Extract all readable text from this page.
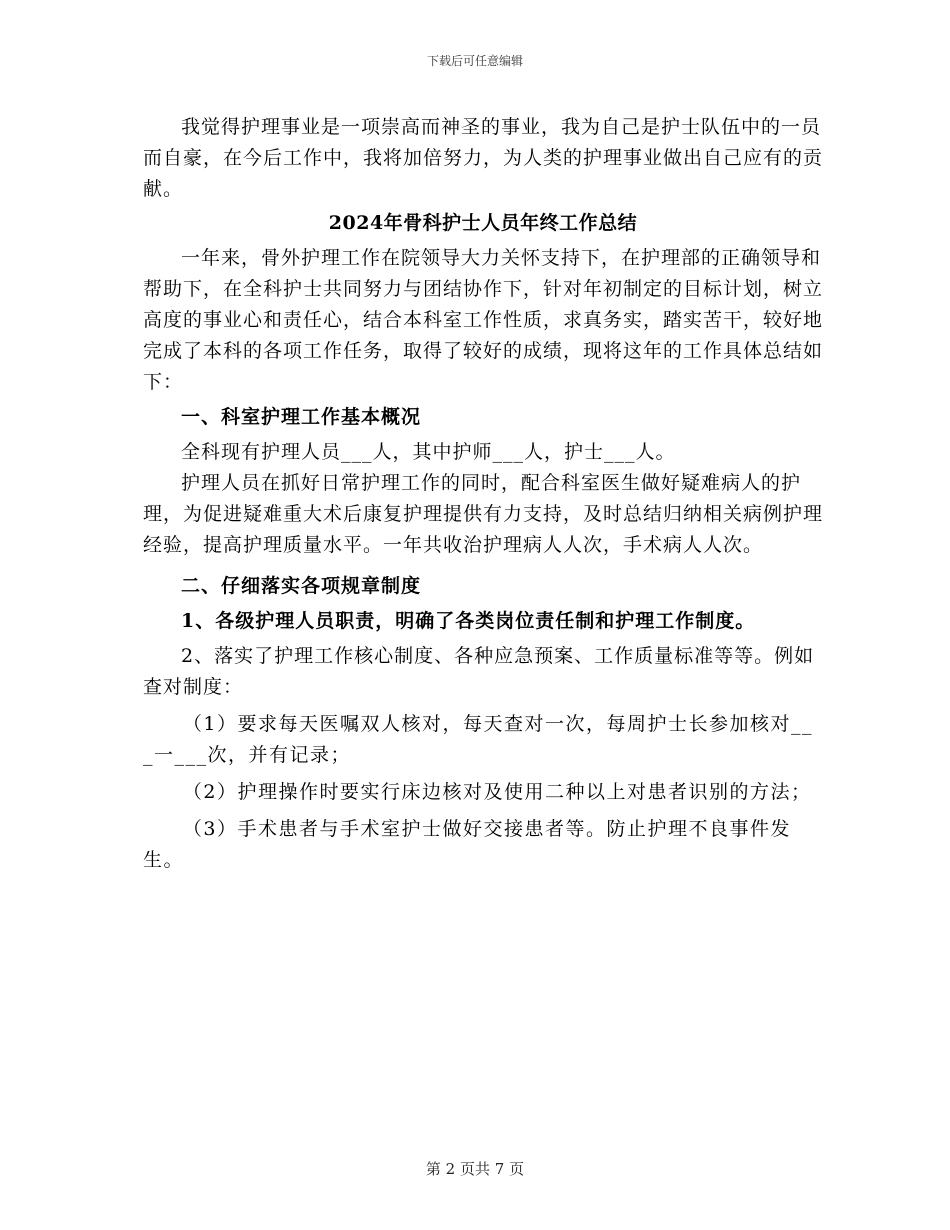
下载后可任意编辑

我觉得护理事业是一项崇高而神圣的事业，我为自己是护士队伍中的一员而自豪，在今后工作中，我将加倍努力，为人类的护理事业做出自己应有的贡献。

2024年骨科护士人员年终工作总结

一年来，骨外护理工作在院领导大力关怀支持下，在护理部的正确领导和帮助下，在全科护士共同努力与团结协作下，针对年初制定的目标计划，树立高度的事业心和责任心，结合本科室工作性质，求真务实，踏实苦干，较好地完成了本科的各项工作任务，取得了较好的成绩，现将这年的工作具体总结如下：

一、科室护理工作基本概况

全科现有护理人员___人，其中护师___人，护士___人。

护理人员在抓好日常护理工作的同时，配合科室医生做好疑难病人的护理，为促进疑难重大术后康复护理提供有力支持，及时总结归纳相关病例护理经验，提高护理质量水平。一年共收治护理病人人次，手术病人人次。

二、仔细落实各项规章制度
1、各级护理人员职责，明确了各类岗位责任制和护理工作制度。

2、落实了护理工作核心制度、各种应急预案、工作质量标准等等。例如查对制度：

（1）要求每天医嘱双人核对，每天查对一次，每周护士长参加核对___一___次，并有记录；

（2）护理操作时要实行床边核对及使用二种以上对患者识别的方法；

（3）手术患者与手术室护士做好交接患者等。防止护理不良事件发生。

第 2 页共 7 页
